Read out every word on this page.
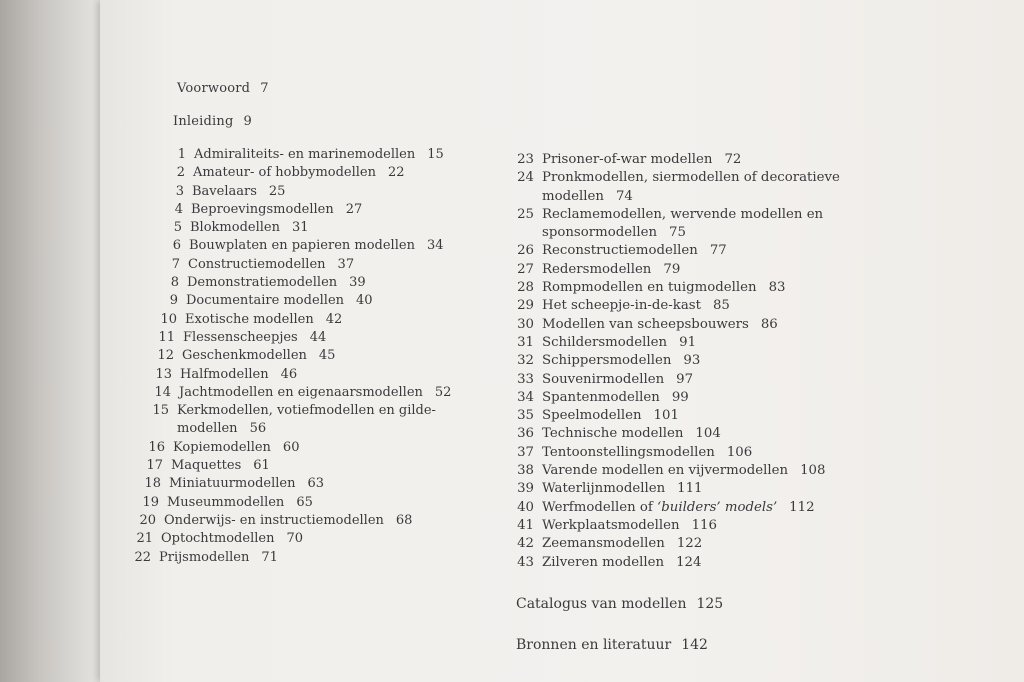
Voorwoord 7
Inleiding 9
1 Admiraliteits- en marinemodellen 15
2 Amateur- of hobbymodellen 22
3 Bavelaars 25
4 Beproevingsmodellen 27
5 Blokmodellen 31
6 Bouwplaten en papieren modellen 34
7 Constructiemodellen 37
8 Demonstratiemodellen 39
9 Documentaire modellen 40
10 Exotische modellen 42
11 Flessenscheepjes 44
12 Geschenkmodellen 45
13 Halfmodellen 46
14 Jachtmodellen en eigenaarsmodellen 52
15 Kerkmodellen, votiefmodellen en gilde-
modellen 56
16 Kopiemodellen 60
17 Maquettes 61
18 Miniatuurmodellen 63
19 Museummodellen 65
20 Onderwijs- en instructiemodellen 68
21 Optochtmodellen 70
22 Prijsmodellen 71
23 Prisoner-of-war modellen 72
24 Pronkmodellen, siermodellen of decoratieve
modellen 74
25 Reclamemodellen, wervende modellen en
sponsormodellen 75
26 Reconstructiemodellen 77
27 Redersmodellen 79
28 Rompmodellen en tuigmodellen 83
29 Het scheepje-in-de-kast 85
30 Modellen van scheepsbouwers 86
31 Schildersmodellen 91
32 Schippersmodellen 93
33 Souvenirmodellen 97
34 Spantenmodellen 99
35 Speelmodellen 101
36 Technische modellen 104
37 Tentoonstellingsmodellen 106
38 Varende modellen en vijvermodellen 108
39 Waterlijnmodellen 111
40 Werfmodellen of ‘builders’ models’ 112
41 Werkplaatsmodellen 116
42 Zeemansmodellen 122
43 Zilveren modellen 124
Catalogus van modellen 125
Bronnen en literatuur 142
